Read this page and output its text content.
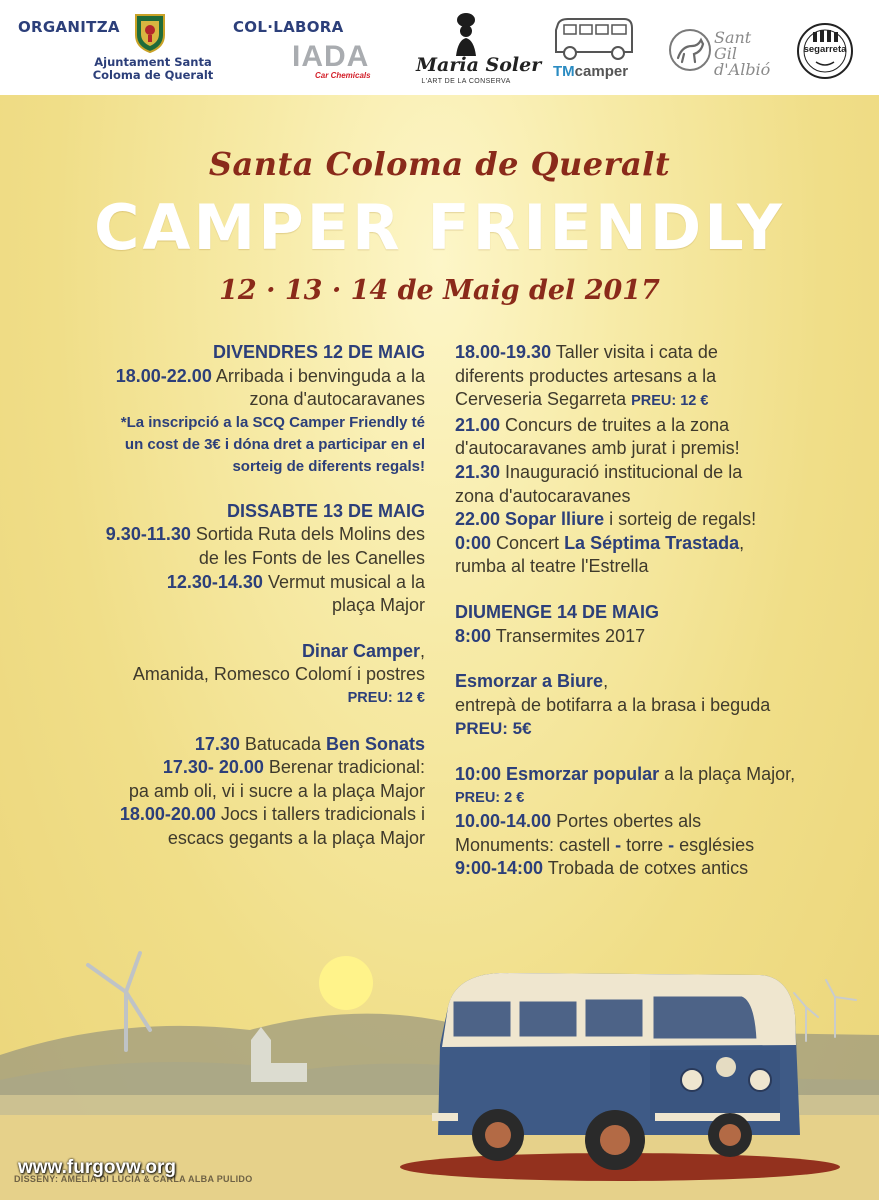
ORGANITZA
Ajuntament Santa Coloma de Queralt
COL·LABORA
IADA
Car Chemicals Maria Soler
L'ART DE LA CONSERVA
TMcamper
Sant Gil d'Albió
segarreta
Santa Coloma de Queralt
CAMPER FRIENDLY
12 · 13 · 14 de Maig del 2017
DIVENDRES 12 DE MAIG
18.00-22.00 Arribada i benvinguda a la
zona d'autocaravanes
*La inscripció a la SCQ Camper Friendly té
un cost de 3€ i dóna dret a participar en el
sorteig de diferents regals!
DISSABTE 13 DE MAIG
9.30-11.30 Sortida Ruta dels Molins des
de les Fonts de les Canelles
12.30-14.30 Vermut musical a la
plaça Major
Dinar Camper,
Amanida, Romesco Colomí i postres
PREU: 12 €
17.30 Batucada Ben Sonats
17.30- 20.00 Berenar tradicional:
pa amb oli, vi i sucre a la plaça Major
18.00-20.00 Jocs i tallers tradicionals i
escacs gegants a la plaça Major
18.00-19.30 Taller visita i cata de
diferents productes artesans a la
Cerveseria Segarreta PREU: 12 €
21.00 Concurs de truites a la zona
d'autocaravanes amb jurat i premis!
21.30 Inauguració institucional de la
zona d'autocaravanes
22.00 Sopar lliure i sorteig de regals!
0:00 Concert La Séptima Trastada,
rumba al teatre l'Estrella
DIUMENGE 14 DE MAIG
8:00 Transermites 2017
Esmorzar a Biure,
entrepà de botifarra a la brasa i beguda
PREU: 5€
10:00 Esmorzar popular a la plaça Major,
PREU: 2 €
10.00-14.00 Portes obertes als
Monuments: castell - torre - esglésies
9:00-14:00 Trobada de cotxes antics
DISSENY: AMELIA DI LUCIA & CARLA ALBA PULIDO
www.furgovw.org
